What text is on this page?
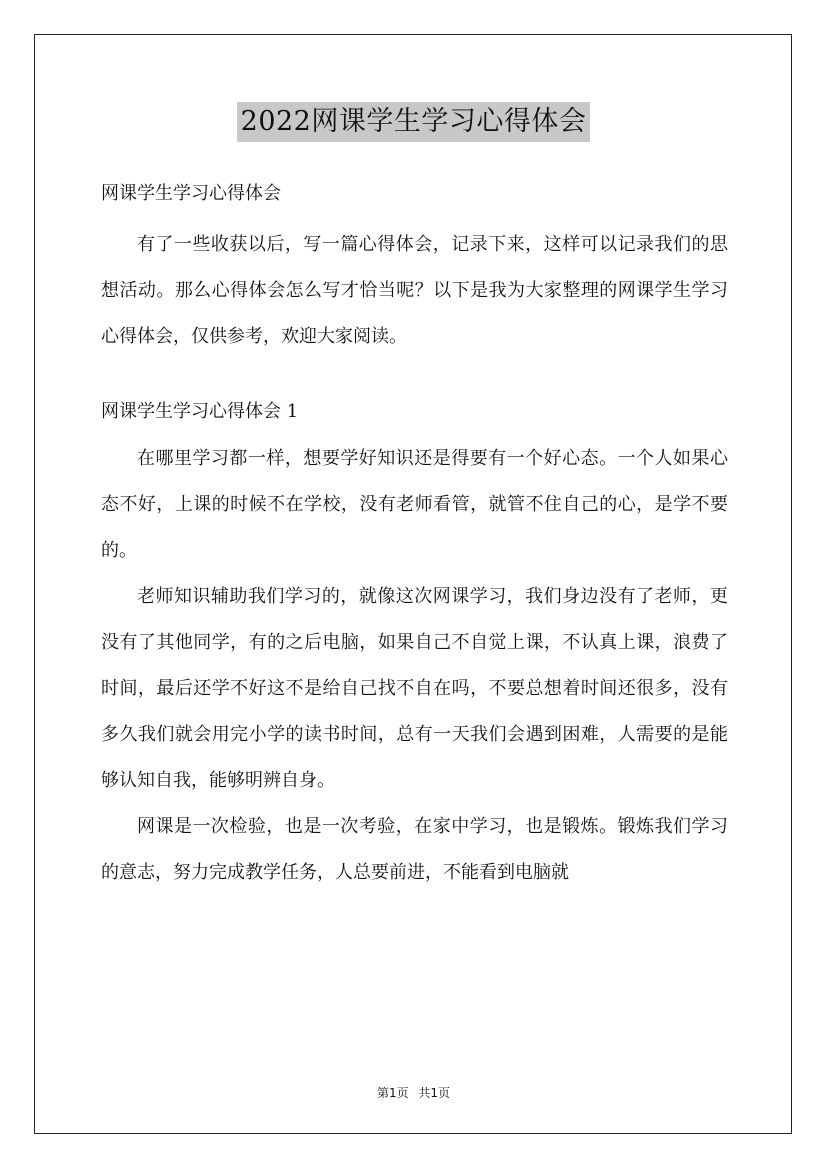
2022网课学生学习心得体会

网课学生学习心得体会

有了一些收获以后，写一篇心得体会，记录下来，这样可以记录我们的思想活动。那么心得体会怎么写才恰当呢？以下是我为大家整理的网课学生学习心得体会，仅供参考，欢迎大家阅读。

网课学生学习心得体会 1

在哪里学习都一样，想要学好知识还是得要有一个好心态。一个人如果心态不好，上课的时候不在学校，没有老师看管，就管不住自己的心，是学不要的。

老师知识辅助我们学习的，就像这次网课学习，我们身边没有了老师，更没有了其他同学，有的之后电脑，如果自己不自觉上课，不认真上课，浪费了时间，最后还学不好这不是给自己找不自在吗，不要总想着时间还很多，没有多久我们就会用完小学的读书时间，总有一天我们会遇到困难，人需要的是能够认知自我，能够明辨自身。

网课是一次检验，也是一次考验，在家中学习，也是锻炼。锻炼我们学习的意志，努力完成教学任务，人总要前进，不能看到电脑就

第1页 共1页
